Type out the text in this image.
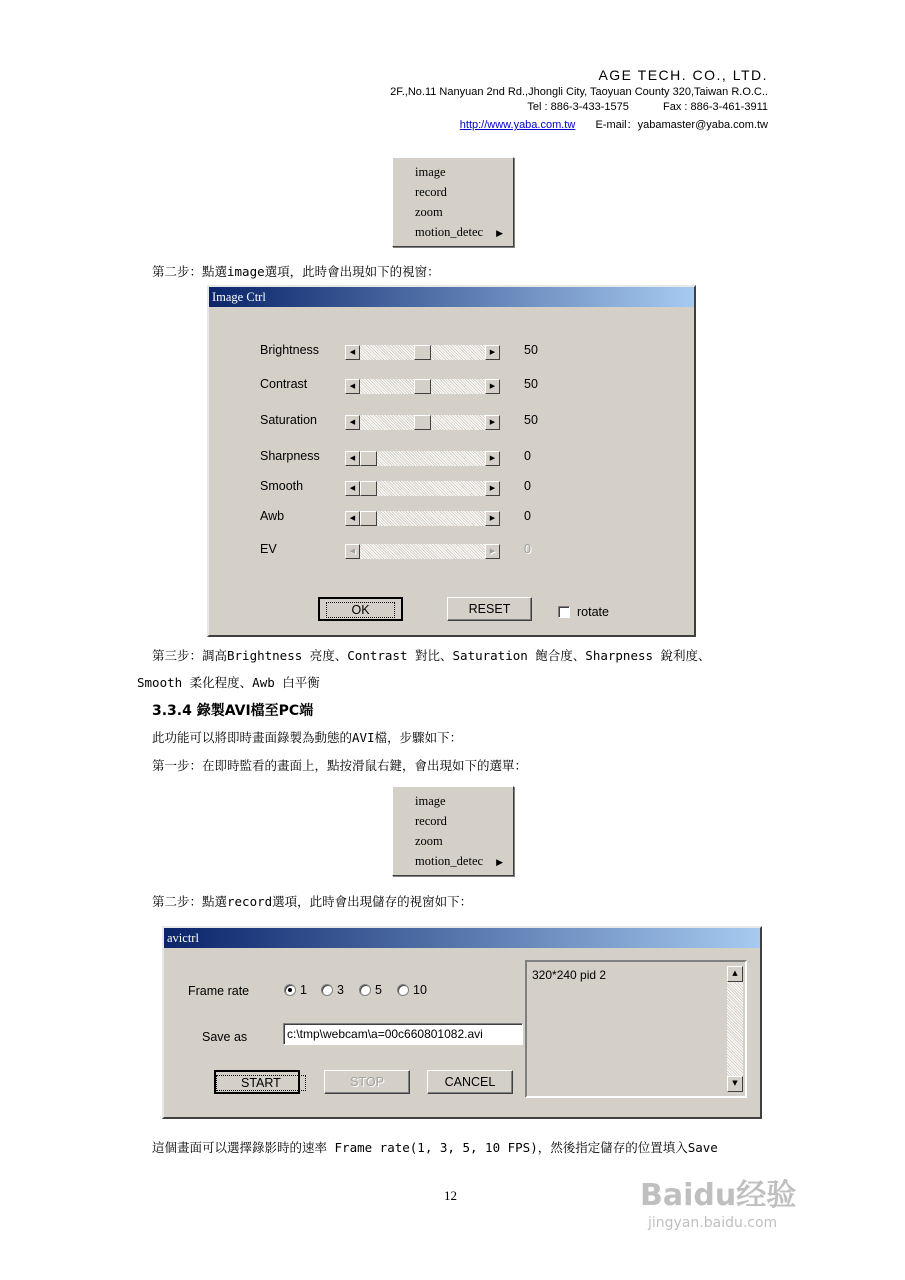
AGE TECH. CO., LTD.
2F.,No.11 Nanyuan 2nd Rd.,Jhongli City, Taoyuan County 320,Taiwan R.O.C..
Tel : 886-3-433-1575	Fax : 886-3-461-3911
http://www.yaba.com.tw E-mail：yabamaster@yaba.com.tw
image
record
zoom
motion_detec	▶
第二步：點選image選項，此時會出現如下的視窗：
Image Ctrl
Brightness	◀	▶	50
Contrast	◀	▶	50
Saturation	◀	▶	50
Sharpness	◀	▶	0
Smooth	◀	▶	0
Awb	◀	▶	0
EV	◀	▶	0
OK	RESET	rotate
第三步：調高Brightness 亮度、Contrast 對比、Saturation 飽合度、Sharpness 銳利度、
Smooth 柔化程度、Awb 白平衡
3.3.4 錄製AVI檔至PC端
此功能可以將即時畫面錄製為動態的AVI檔，步驟如下：
第一步：在即時監看的畫面上，點按滑鼠右鍵，會出現如下的選單：
image
record
zoom
motion_detec	▶
第二步：點選record選項，此時會出現儲存的視窗如下：
avictrl
Frame rate	1 3 5 10
Save as	c:\tmp\webcam\a=00c660801082.avi
START	STOP	CANCEL
320*240 pid 2	▲
▼
這個畫面可以選擇錄影時的速率 Frame rate(1, 3, 5, 10 FPS)，然後指定儲存的位置填入Save
12	Baidu经验
jingyan.baidu.com
